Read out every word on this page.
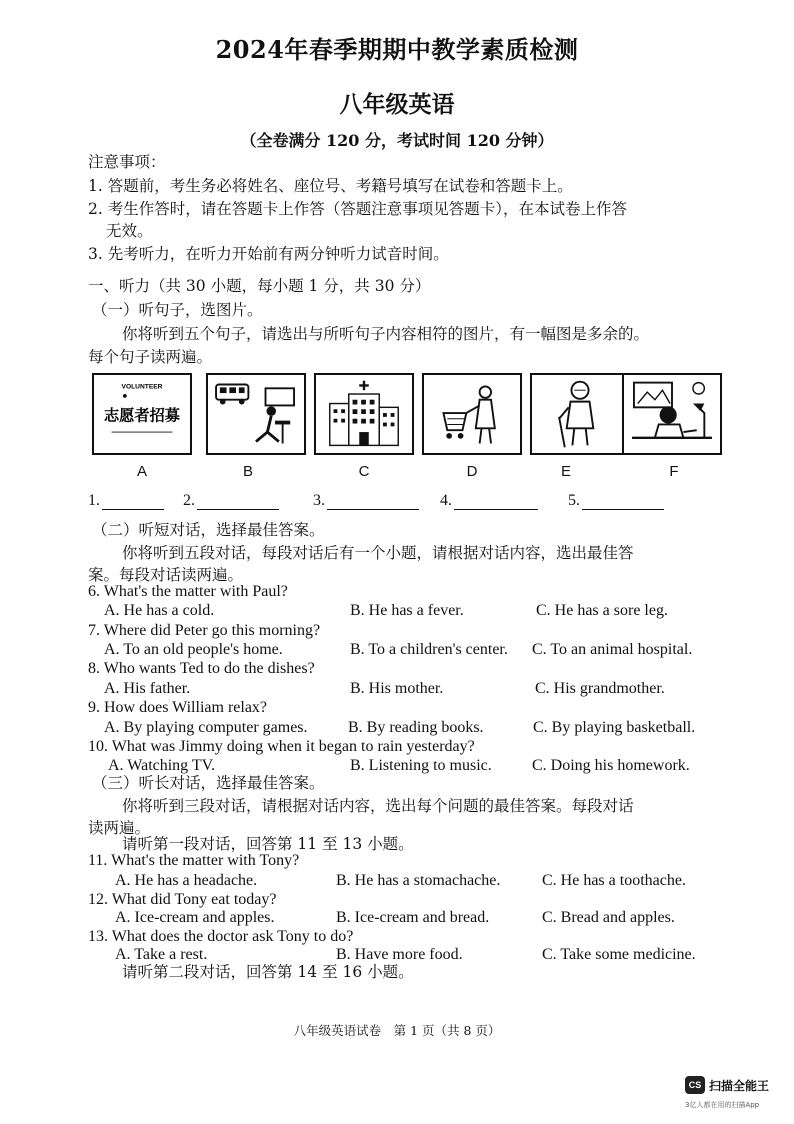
2024年春季期期中教学素质检测
八年级英语
（全卷满分 120 分，考试时间 120 分钟）
注意事项：
1. 答题前，考生务必将姓名、座位号、考籍号填写在试卷和答题卡上。
2. 考生作答时，请在答题卡上作答（答题注意事项见答题卡），在本试卷上作答
无效。
3. 先考听力，在听力开始前有两分钟听力试音时间。
一、听力（共 30 小题，每小题 1 分，共 30 分）
（一）听句子，选图片。
你将听到五个句子，请选出与所听句子内容相符的图片，有一幅图是多余的。
每个句子读两遍。
VOLUNTEER
志愿者招募
A	B	C	D	E	F
1.	2.	3.	4.	5.
（二）听短对话，选择最佳答案。
你将听到五段对话，每段对话后有一个小题，请根据对话内容，选出最佳答
案。每段对话读两遍。
6. What's the matter with Paul?
A. He has a cold.	B. He has a fever.	C. He has a sore leg.
7. Where did Peter go this morning?
A. To an old people's home.	B. To a children's center. C. To an animal hospital.
8. Who wants Ted to do the dishes?
A. His father.	B. His mother.	C. His grandmother.
9. How does William relax?
A. By playing computer games.	B. By reading books.	C. By playing basketball.
10. What was Jimmy doing when it began to rain yesterday?
A. Watching TV.	B. Listening to music.	C. Doing his homework.
（三）听长对话，选择最佳答案。
你将听到三段对话，请根据对话内容，选出每个问题的最佳答案。每段对话
读两遍。
请听第一段对话，回答第 11 至 13 小题。
11. What's the matter with Tony?
A. He has a headache.	B. He has a stomachache.	C. He has a toothache.
12. What did Tony eat today?
A. Ice-cream and apples.	B. Ice-cream and bread.	C. Bread and apples.
13. What does the doctor ask Tony to do?
A. Take a rest.	B. Have more food.	C. Take some medicine.
请听第二段对话，回答第 14 至 16 小题。
八年级英语试卷　第 1 页（共 8 页）
CS 扫描全能王
3亿人都在用的扫描App
